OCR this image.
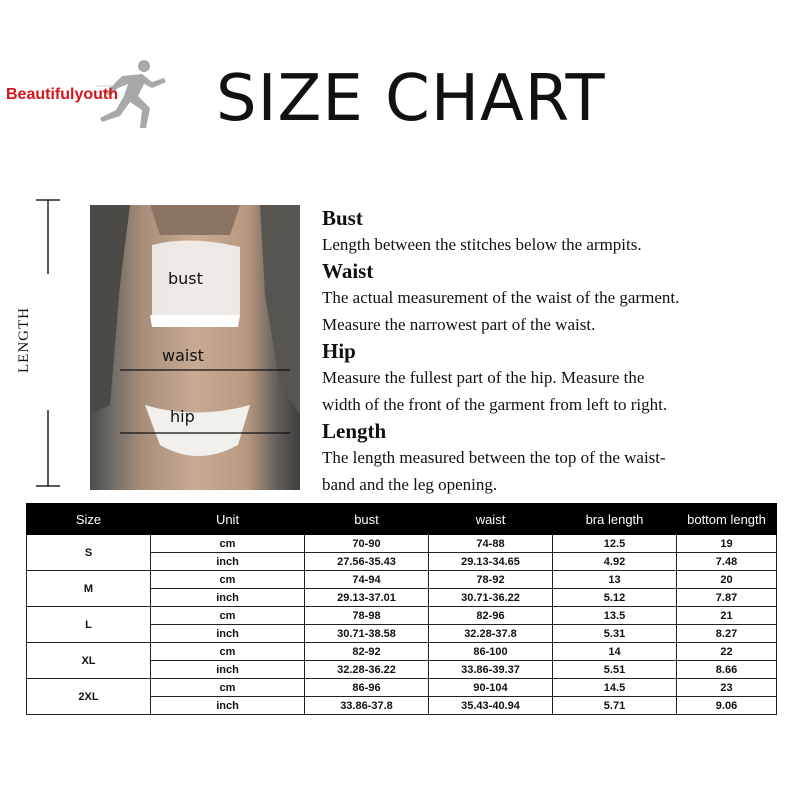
Beautifulyouth SIZE CHART
LENGTH
bust
waist
hip

Bust

Length between the stitches below the armpits.

Waist

The actual measurement of the waist of the garment.

Measure the narrowest part of the waist.

Hip

Measure the fullest part of the hip. Measure the

width of the front of the garment from left to right.

Length

The length measured between the top of the waist-

band and the leg opening.

Size	Unit	bust	waist	bra length	bottom length
S	cm	70-90	74-88	12.5	19
	inch	27.56-35.43	29.13-34.65	4.92	7.48
M	cm	74-94	78-92	13	20
	inch	29.13-37.01	30.71-36.22	5.12	7.87
L	cm	78-98	82-96	13.5	21
	inch	30.71-38.58	32.28-37.8	5.31	8.27
XL	cm	82-92	86-100	14	22
	inch	32.28-36.22	33.86-39.37	5.51	8.66
2XL	cm	86-96	90-104	14.5	23
	inch	33.86-37.8	35.43-40.94	5.71	9.06
